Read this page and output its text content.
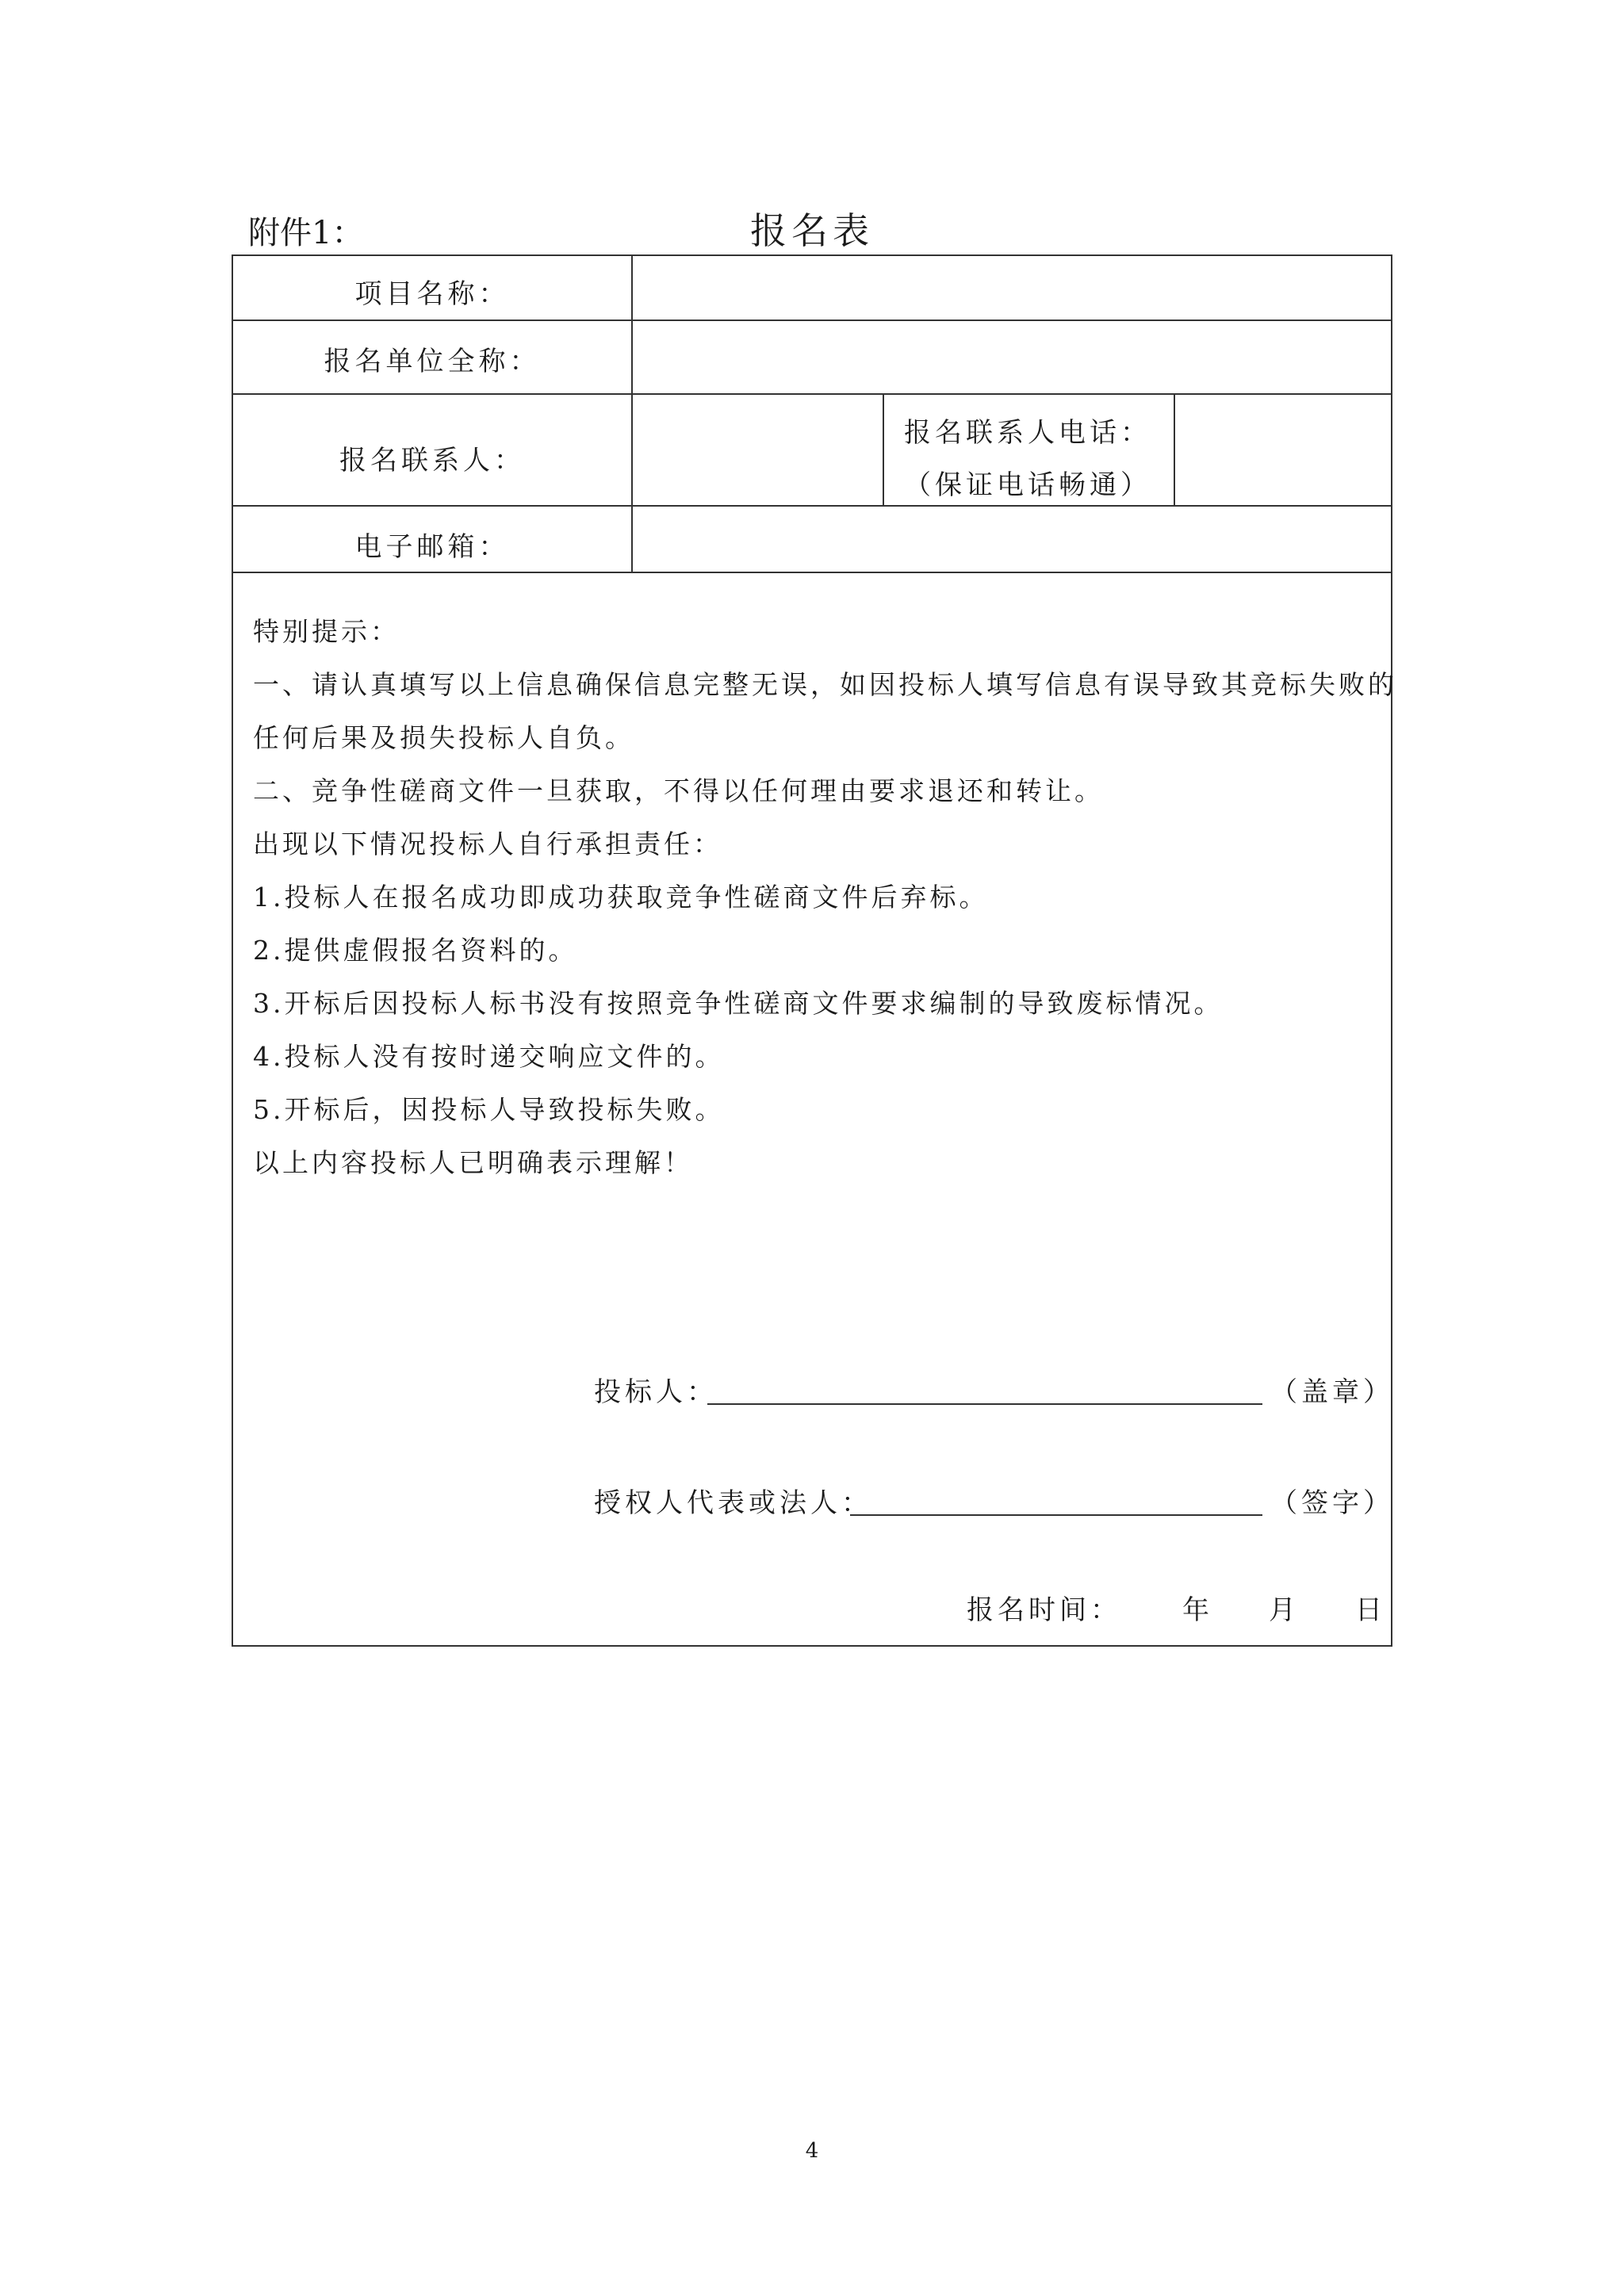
附件1：	报名表
项目名称：
报名单位全称：
报名联系人：
报名联系人电话：
（保证电话畅通）
电子邮箱：

特别提示：

一、请认真填写以上信息确保信息完整无误，如因投标人填写信息有误导致其竞标失败的

任何后果及损失投标人自负。

二、竞争性磋商文件一旦获取，不得以任何理由要求退还和转让。

出现以下情况投标人自行承担责任：

1.投标人在报名成功即成功获取竞争性磋商文件后弃标。

2.提供虚假报名资料的。

3.开标后因投标人标书没有按照竞争性磋商文件要求编制的导致废标情况。

4.投标人没有按时递交响应文件的。

5.开标后，因投标人导致投标失败。

以上内容投标人已明确表示理解！

投标人：	（盖章）
授权人代表或法人：	（签字）
报名时间： 年 月 日
4
